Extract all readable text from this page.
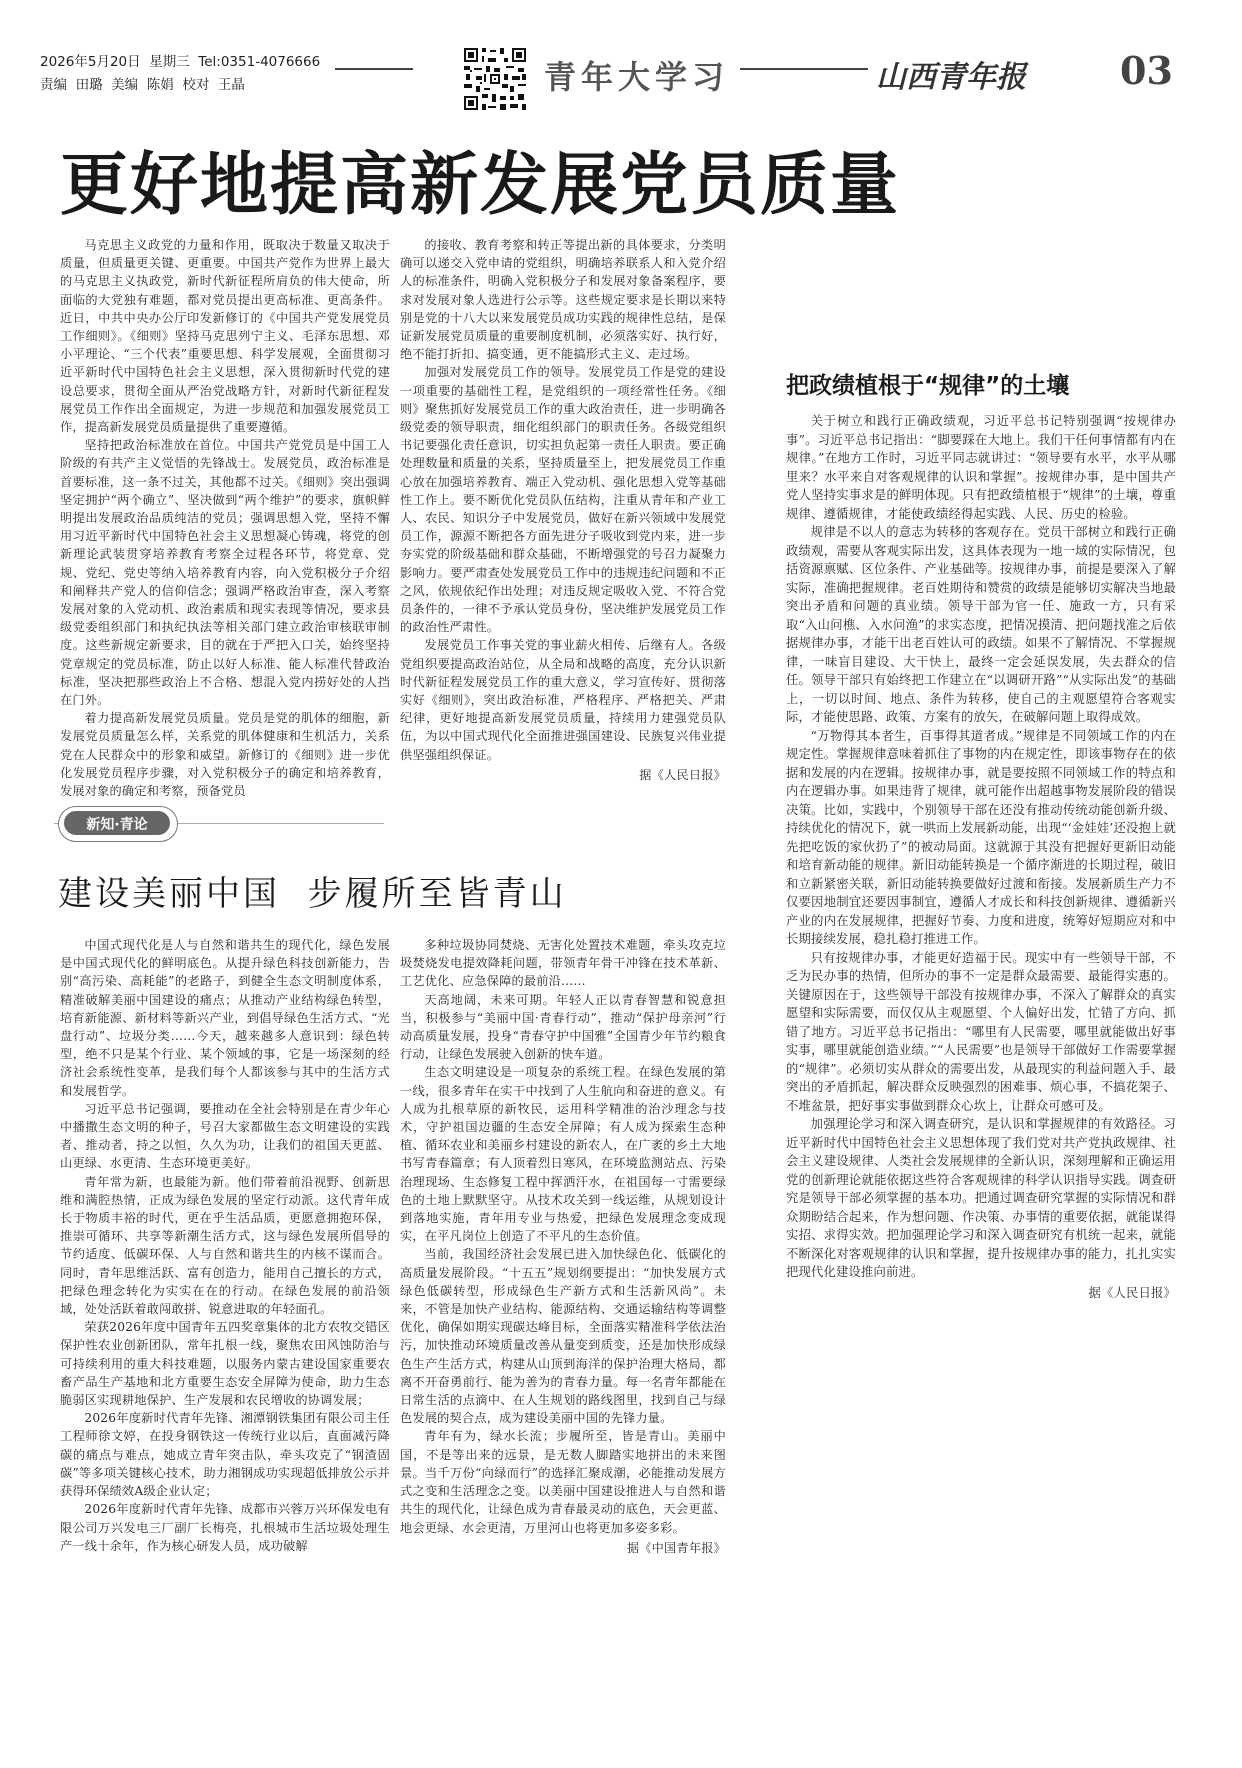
2026年5月20日  星期三  Tel:0351-4076666
责编  田璐  美编  陈娟  校对  王晶	青年大学习	山西青年报 03
更好地提高新发展党员质量

马克思主义政党的力量和作用，既取决于数量又取决于质量，但质量更关键、更重要。中国共产党作为世界上最大的马克思主义执政党，新时代新征程所肩负的伟大使命，所面临的大党独有难题，都对党员提出更高标准、更高条件。近日，中共中央办公厅印发新修订的《中国共产党发展党员工作细则》。《细则》坚持马克思列宁主义、毛泽东思想、邓小平理论、“三个代表”重要思想、科学发展观，全面贯彻习近平新时代中国特色社会主义思想，深入贯彻新时代党的建设总要求，贯彻全面从严治党战略方针，对新时代新征程发展党员工作作出全面规定，为进一步规范和加强发展党员工作，提高新发展党员质量提供了重要遵循。

坚持把政治标准放在首位。中国共产党党员是中国工人阶级的有共产主义觉悟的先锋战士。发展党员，政治标准是首要标准，这一条不过关，其他都不过关。《细则》突出强调坚定拥护“两个确立”、坚决做到“两个维护”的要求，旗帜鲜明提出发展政治品质纯洁的党员；强调思想入党，坚持不懈用习近平新时代中国特色社会主义思想凝心铸魂，将党的创新理论武装贯穿培养教育考察全过程各环节，将党章、党规、党纪、党史等纳入培养教育内容，向入党积极分子介绍和阐释共产党人的信仰信念；强调严格政治审查，深入考察发展对象的入党动机、政治素质和现实表现等情况，要求县级党委组织部门和执纪执法等相关部门建立政治审核联审制度。这些新规定新要求，目的就在于严把入口关，始终坚持党章规定的党员标准，防止以好人标准、能人标准代替政治标准，坚决把那些政治上不合格、想混入党内捞好处的人挡在门外。

着力提高新发展党员质量。党员是党的肌体的细胞，新发展党员质量怎么样，关系党的肌体健康和生机活力，关系党在人民群众中的形象和威望。新修订的《细则》进一步优化发展党员程序步骤，对入党积极分子的确定和培养教育，发展对象的确定和考察，预备党员

的接收、教育考察和转正等提出新的具体要求，分类明确可以递交入党申请的党组织，明确培养联系人和入党介绍人的标准条件，明确入党积极分子和发展对象备案程序，要求对发展对象人选进行公示等。这些规定要求是长期以来特别是党的十八大以来发展党员成功实践的规律性总结，是保证新发展党员质量的重要制度机制，必须落实好、执行好，绝不能打折扣、搞变通，更不能搞形式主义、走过场。

加强对发展党员工作的领导。发展党员工作是党的建设一项重要的基础性工程，是党组织的一项经常性任务。《细则》聚焦抓好发展党员工作的重大政治责任，进一步明确各级党委的领导职责，细化组织部门的职责任务。各级党组织书记要强化责任意识，切实担负起第一责任人职责。要正确处理数量和质量的关系，坚持质量至上，把发展党员工作重心放在加强培养教育、端正入党动机、强化思想入党等基础性工作上。要不断优化党员队伍结构，注重从青年和产业工人、农民、知识分子中发展党员，做好在新兴领域中发展党员工作，源源不断把各方面先进分子吸收到党内来，进一步夯实党的阶级基础和群众基础，不断增强党的号召力凝聚力影响力。要严肃查处发展党员工作中的违规违纪问题和不正之风，依规依纪作出处理；对违反规定吸收入党、不符合党员条件的，一律不予承认党员身份，坚决维护发展党员工作的政治性严肃性。

发展党员工作事关党的事业薪火相传、后继有人。各级党组织要提高政治站位，从全局和战略的高度，充分认识新时代新征程发展党员工作的重大意义，学习宣传好、贯彻落实好《细则》，突出政治标准，严格程序、严格把关、严肃纪律，更好地提高新发展党员质量，持续用力建强党员队伍，为以中国式现代化全面推进强国建设、民族复兴伟业提供坚强组织保证。

据《人民日报》

新知·青论
建设美丽中国  步履所至皆青山

中国式现代化是人与自然和谐共生的现代化，绿色发展是中国式现代化的鲜明底色。从提升绿色科技创新能力，告别“高污染、高耗能”的老路子，到健全生态文明制度体系，精准破解美丽中国建设的痛点；从推动产业结构绿色转型，培育新能源、新材料等新兴产业，到倡导绿色生活方式、“光盘行动”、垃圾分类……今天，越来越多人意识到：绿色转型，绝不只是某个行业、某个领域的事，它是一场深刻的经济社会系统性变革，是我们每个人都该参与其中的生活方式和发展哲学。

习近平总书记强调，要推动在全社会特别是在青少年心中播撒生态文明的种子，号召大家都做生态文明建设的实践者、推动者，持之以恒，久久为功，让我们的祖国天更蓝、山更绿、水更清、生态环境更美好。

青年常为新，也最能为新。他们带着前沿视野、创新思维和满腔热情，正成为绿色发展的坚定行动派。这代青年成长于物质丰裕的时代，更在乎生活品质，更愿意拥抱环保，推崇可循环、共享等新潮生活方式，这与绿色发展所倡导的节约适度、低碳环保、人与自然和谐共生的内核不谋而合。同时，青年思维活跃、富有创造力，能用自己擅长的方式，把绿色理念转化为实实在在的行动。在绿色发展的前沿领域，处处活跃着敢闯敢拼、锐意进取的年轻面孔。

荣获2026年度中国青年五四奖章集体的北方农牧交错区保护性农业创新团队，常年扎根一线，聚焦农田风蚀防治与可持续利用的重大科技难题，以服务内蒙古建设国家重要农畜产品生产基地和北方重要生态安全屏障为使命，助力生态脆弱区实现耕地保护、生产发展和农民增收的协调发展；

2026年度新时代青年先锋、湘潭钢铁集团有限公司主任工程师徐文婷，在投身钢铁这一传统行业以后，直面减污降碳的痛点与难点，她成立青年突击队，牵头攻克了“钢渣固碳”等多项关键核心技术，助力湘钢成功实现超低排放公示并获得环保绩效A级企业认定；

2026年度新时代青年先锋、成都市兴蓉万兴环保发电有限公司万兴发电三厂副厂长梅亮，扎根城市生活垃圾处理生产一线十余年，作为核心研发人员，成功破解

多种垃圾协同焚烧、无害化处置技术难题，牵头攻克垃圾焚烧发电提效降耗问题，带领青年骨干冲锋在技术革新、工艺优化、应急保障的最前沿……

天高地阔，未来可期。年轻人正以青春智慧和锐意担当，积极参与“美丽中国·青春行动”，推动“保护母亲河”行动高质量发展，投身“青春守护中国雅”全国青少年节约粮食行动，让绿色发展驶入创新的快车道。

生态文明建设是一项复杂的系统工程。在绿色发展的第一线，很多青年在实干中找到了人生航向和奋进的意义。有人成为扎根草原的新牧民，运用科学精准的治沙理念与技术，守护祖国边疆的生态安全屏障；有人成为探索生态种植、循环农业和美丽乡村建设的新农人，在广袤的乡土大地书写青春篇章；有人顶着烈日寒风，在环境监测站点、污染治理现场、生态修复工程中挥洒汗水，在祖国每一寸需要绿色的土地上默默坚守。从技术攻关到一线运维，从规划设计到落地实施，青年用专业与热爱，把绿色发展理念变成现实，在平凡岗位上创造了不平凡的生态价值。

当前，我国经济社会发展已进入加快绿色化、低碳化的高质量发展阶段。“十五五”规划纲要提出：“加快发展方式绿色低碳转型，形成绿色生产新方式和生活新风尚”。未来，不管是加快产业结构、能源结构、交通运输结构等调整优化，确保如期实现碳达峰目标，全面落实精准科学依法治污，加快推动环境质量改善从量变到质变，还是加快形成绿色生产生活方式，构建从山顶到海洋的保护治理大格局，都离不开奋勇前行、能为善为的青春力量。每一名青年都能在日常生活的点滴中、在人生规划的路线图里，找到自己与绿色发展的契合点，成为建设美丽中国的先锋力量。

青年有为，绿水长流；步履所至，皆是青山。美丽中国，不是等出来的远景，是无数人脚踏实地拼出的未来图景。当千万份“向绿而行”的选择汇聚成潮，必能推动发展方式之变和生活理念之变。以美丽中国建设推进人与自然和谐共生的现代化，让绿色成为青春最灵动的底色，天会更蓝、地会更绿、水会更清，万里河山也将更加多姿多彩。

据《中国青年报》

把政绩植根于“规律”的土壤

关于树立和践行正确政绩观，习近平总书记特别强调“按规律办事”。习近平总书记指出：“脚要踩在大地上。我们干任何事情都有内在规律。”在地方工作时，习近平同志就讲过：“领导要有水平，水平从哪里来？水平来自对客观规律的认识和掌握”。按规律办事，是中国共产党人坚持实事求是的鲜明体现。只有把政绩植根于“规律”的土壤，尊重规律、遵循规律，才能使政绩经得起实践、人民、历史的检验。

规律是不以人的意志为转移的客观存在。党员干部树立和践行正确政绩观，需要从客观实际出发，这具体表现为一地一域的实际情况，包括资源禀赋、区位条件、产业基础等。按规律办事，前提是要深入了解实际，准确把握规律。老百姓期待和赞赏的政绩是能够切实解决当地最突出矛盾和问题的真业绩。领导干部为官一任、施政一方，只有采取“入山问樵、入水问渔”的求实态度，把情况摸清、把问题找准之后依据规律办事，才能干出老百姓认可的政绩。如果不了解情况、不掌握规律，一味盲目建设、大干快上，最终一定会延误发展，失去群众的信任。领导干部只有始终把工作建立在“以调研开路”“从实际出发”的基础上，一切以时间、地点、条件为转移，使自己的主观愿望符合客观实际，才能使思路、政策、方案有的放矢，在破解问题上取得成效。

“万物得其本者生，百事得其道者成。”规律是不同领域工作的内在规定性。掌握规律意味着抓住了事物的内在规定性，即该事物存在的依据和发展的内在逻辑。按规律办事，就是要按照不同领域工作的特点和内在逻辑办事。如果违背了规律，就可能作出超越事物发展阶段的错误决策。比如，实践中，个别领导干部在还没有推动传统动能创新升级、持续优化的情况下，就一哄而上发展新动能，出现“‘金娃娃’还没抱上就先把吃饭的家伙扔了”的被动局面。这就源于其没有把握好更新旧动能和培育新动能的规律。新旧动能转换是一个循序渐进的长期过程，破旧和立新紧密关联，新旧动能转换要做好过渡和衔接。发展新质生产力不仅要因地制宜还要因事制宜，遵循人才成长和科技创新规律、遵循新兴产业的内在发展规律，把握好节奏、力度和进度，统筹好短期应对和中长期接续发展，稳扎稳打推进工作。

只有按规律办事，才能更好造福于民。现实中有一些领导干部，不乏为民办事的热情，但所办的事不一定是群众最需要、最能得实惠的。关键原因在于，这些领导干部没有按规律办事，不深入了解群众的真实愿望和实际需要，而仅仅从主观愿望、个人偏好出发，忙错了方向、抓错了地方。习近平总书记指出：“哪里有人民需要，哪里就能做出好事实事，哪里就能创造业绩。”“人民需要”也是领导干部做好工作需要掌握的“规律”。必须切实从群众的需要出发，从最现实的利益问题入手、最突出的矛盾抓起，解决群众反映强烈的困难事、烦心事，不搞花架子、不堆盆景，把好事实事做到群众心坎上，让群众可感可及。

加强理论学习和深入调查研究，是认识和掌握规律的有效路径。习近平新时代中国特色社会主义思想体现了我们党对共产党执政规律、社会主义建设规律、人类社会发展规律的全新认识，深刻理解和正确运用党的创新理论就能依据这些符合客观规律的科学认识指导实践。调查研究是领导干部必须掌握的基本功。把通过调查研究掌握的实际情况和群众期盼结合起来，作为想问题、作决策、办事情的重要依据，就能谋得实招、求得实效。把加强理论学习和深入调查研究有机统一起来，就能不断深化对客观规律的认识和掌握，提升按规律办事的能力，扎扎实实把现代化建设推向前进。

据《人民日报》
